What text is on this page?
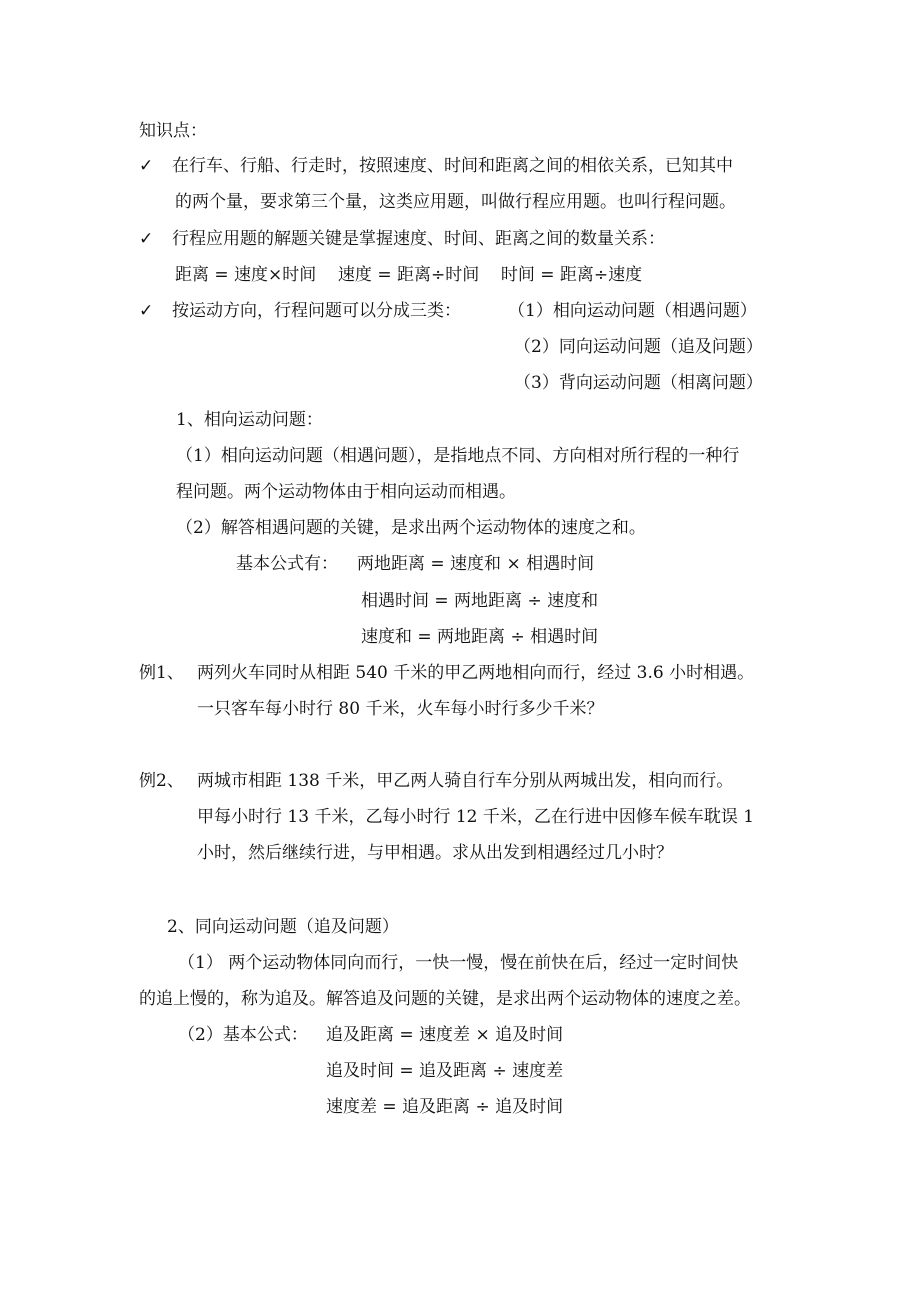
知识点：

✓ 在行车、行船、行走时，按照速度、时间和距离之间的相依关系，已知其中

的两个量，要求第三个量，这类应用题，叫做行程应用题。也叫行程问题。

✓ 行程应用题的解题关键是掌握速度、时间、距离之间的数量关系：

距离 = 速度×时间    速度 = 距离÷时间    时间 = 距离÷速度

✓ 按运动方向，行程问题可以分成三类：	（1）相向运动问题（相遇问题）

（2）同向运动问题（追及问题）

（3）背向运动问题（相离问题）

1、相向运动问题：

（1）相向运动问题（相遇问题），是指地点不同、方向相对所行程的一种行

程问题。两个运动物体由于相向运动而相遇。

（2）解答相遇问题的关键，是求出两个运动物体的速度之和。

基本公式有： 两地距离 = 速度和 × 相遇时间

相遇时间 = 两地距离 ÷ 速度和

速度和 = 两地距离 ÷ 相遇时间

例1、 两列火车同时从相距 540 千米的甲乙两地相向而行，经过 3.6 小时相遇。

一只客车每小时行 80 千米，火车每小时行多少千米？

例2、 两城市相距 138 千米，甲乙两人骑自行车分别从两城出发，相向而行。

甲每小时行 13 千米，乙每小时行 12 千米，乙在行进中因修车候车耽误 1

小时，然后继续行进，与甲相遇。求从出发到相遇经过几小时？

2、同向运动问题（追及问题）

（1） 两个运动物体同向而行，一快一慢，慢在前快在后，经过一定时间快

的追上慢的，称为追及。解答追及问题的关键，是求出两个运动物体的速度之差。

（2）基本公式： 追及距离 = 速度差 × 追及时间

追及时间 = 追及距离 ÷ 速度差

速度差 = 追及距离 ÷ 追及时间
